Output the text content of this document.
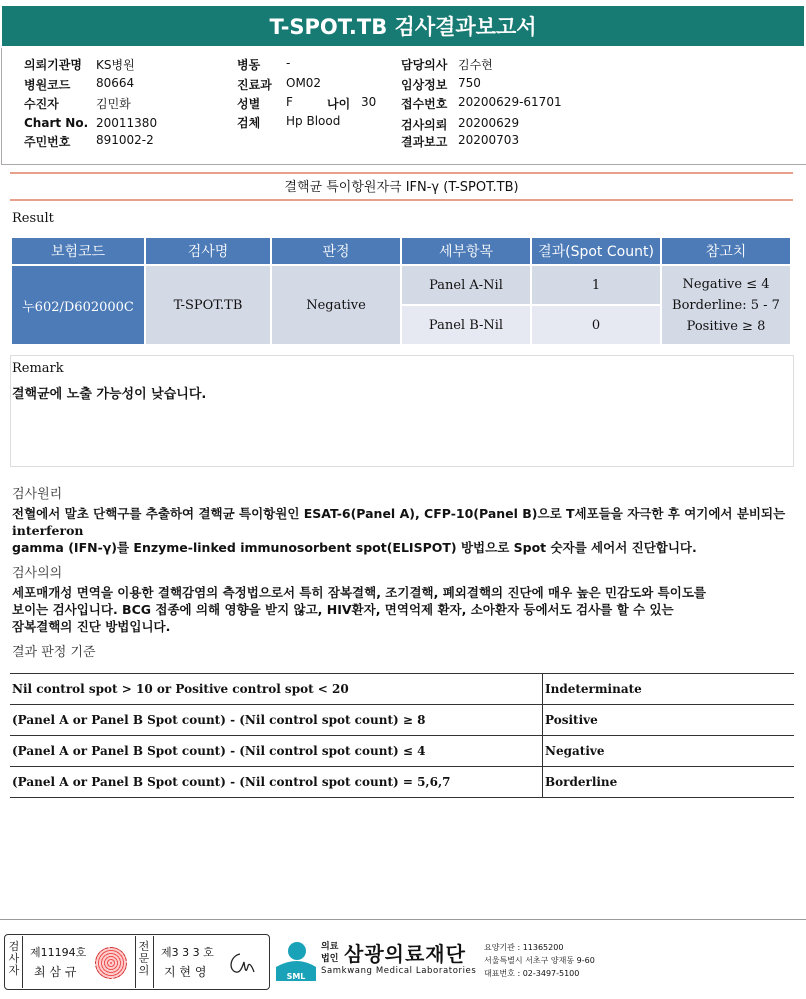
T-SPOT.TB 검사결과보고서
의뢰기관명 KS병원
병원코드 80664
수진자	김민화
Chart No. 20011380
주민번호 891002-2
병동 -
진료과 OM02
성별 F	나이 30
검체 Hp Blood
담당의사 김수현
임상정보 750
접수번호 20200629-61701
검사의뢰 20200629
결과보고 20200703
결핵균 특이항원자극 IFN-γ (T-SPOT.TB)
Result
보험코드	검사명	판정	세부항목	결과(Spot Count)	참고치
누602/D602000C	T-SPOT.TB	Negative	Panel A-Nil	1	Negative ≤ 4
Borderline: 5 - 7
Positive ≥ 8

			Panel B-Nil	0	
Remark
결핵균에 노출 가능성이 낮습니다.
검사원리
전혈에서 말초 단핵구를 추출하여 결핵균 특이항원인 ESAT-6(Panel A), CFP-10(Panel B)으로 T세포들을 자극한 후 여기에서 분비되는
interferon
gamma (IFN-γ)를 Enzyme-linked immunosorbent spot(ELISPOT) 방법으로 Spot 숫자를 세어서 진단합니다.
검사의의
세포매개성 면역을 이용한 결핵감염의 측정법으로서 특히 잠복결핵, 조기결핵, 폐외결핵의 진단에 매우 높은 민감도와 특이도를
보이는 검사입니다. BCG 접종에 의해 영향을 받지 않고, HIV환자, 면역억제 환자, 소아환자 등에서도 검사를 할 수 있는
잠복결핵의 진단 방법입니다.
결과 판정 기준
Nil control spot > 10 or Positive control spot < 20	Indeterminate
(Panel A or Panel B Spot count) - (Nil control spot count) ≥ 8	Positive
(Panel A or Panel B Spot count) - (Nil control spot count) ≤ 4	Negative
(Panel A or Panel B Spot count) - (Nil control spot count) = 5,6,7	Borderline
검
사
자
제11194호
최 삼 규
전
문
의
제3 3 3 호
지 현 영	SML
의료
법인 삼광의료재단
Samkwang Medical Laboratories
요양기관 : 11365200
서울특별시 서초구 양재동 9-60
대표번호 : 02-3497-5100
